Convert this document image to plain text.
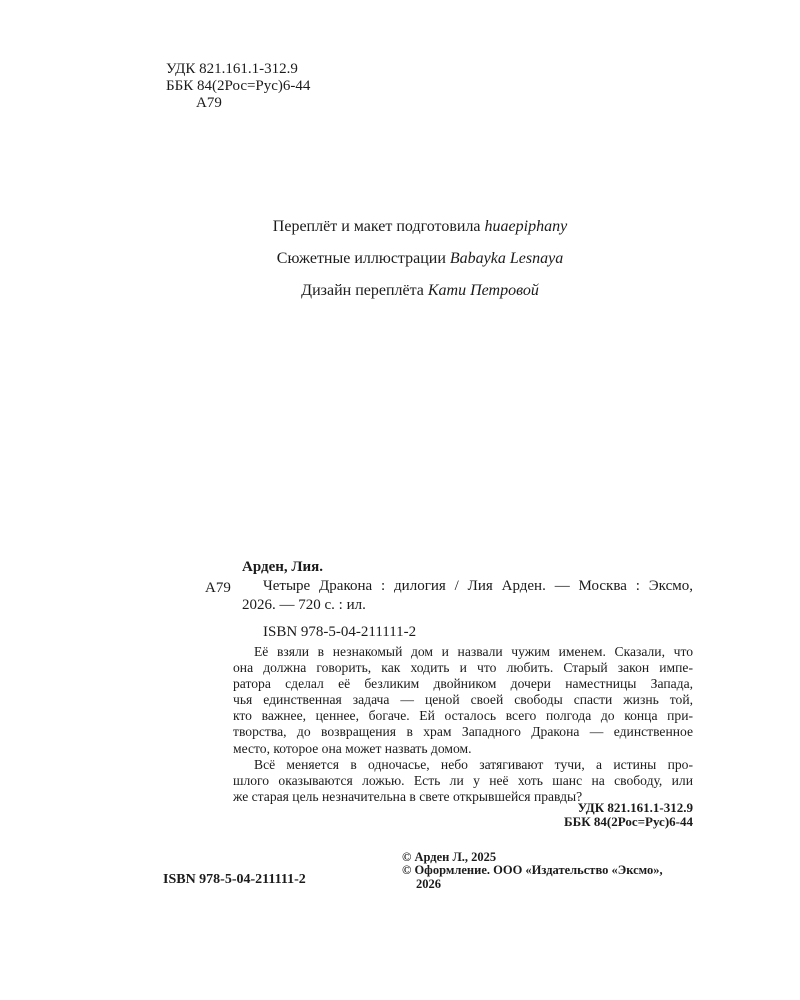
УДК 821.161.1-312.9
ББК 84(2Рос=Рус)6-44
А79
Переплёт и макет подготовила huaepiphany
Сюжетные иллюстрации Babayka Lesnaya
Дизайн переплёта Кати Петровой
Арден, Лия.
А79	Четыре Дракона : дилогия / Лия Арден. — Москва : Эксмо,
2026. — 720 с. : ил.
ISBN 978-5-04-211111-2
Её взяли в незнакомый дом и назвали чужим именем. Сказали, что
она должна говорить, как ходить и что любить. Старый закон импе-
ратора сделал её безликим двойником дочери наместницы Запада,
чья единственная задача — ценой своей свободы спасти жизнь той,
кто важнее, ценнее, богаче. Ей осталось всего полгода до конца при-
творства, до возвращения в храм Западного Дракона — единственное
место, которое она может назвать домом.
Всё меняется в одночасье, небо затягивают тучи, а истины про-
шлого оказываются ложью. Есть ли у неё хоть шанс на свободу, или
же старая цель незначительна в свете открывшейся правды?
УДК 821.161.1-312.9
ББК 84(2Рос=Рус)6-44
ISBN 978-5-04-211111-2
© Арден Л., 2025
© Оформление. ООО «Издательство «Эксмо»,
2026
